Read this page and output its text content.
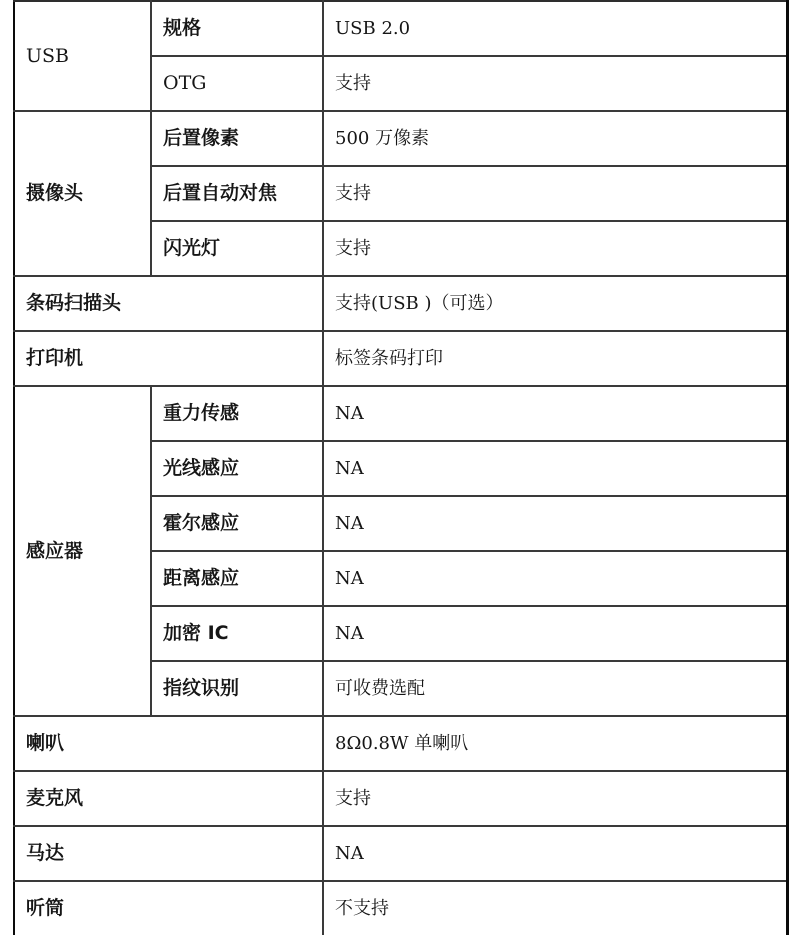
USB	规格	USB 2.0
	OTG	支持
摄像头	后置像素	500 万像素
	后置自动对焦	支持
	闪光灯	支持
条码扫描头		支持(USB )（可选）
打印机		标签条码打印
感应器	重力传感	NA
	光线感应	NA
	霍尔感应	NA
	距离感应	NA
	加密 IC	NA
	指纹识别	可收费选配
喇叭		8Ω0.8W 单喇叭
麦克风		支持
马达		NA
听筒		不支持
